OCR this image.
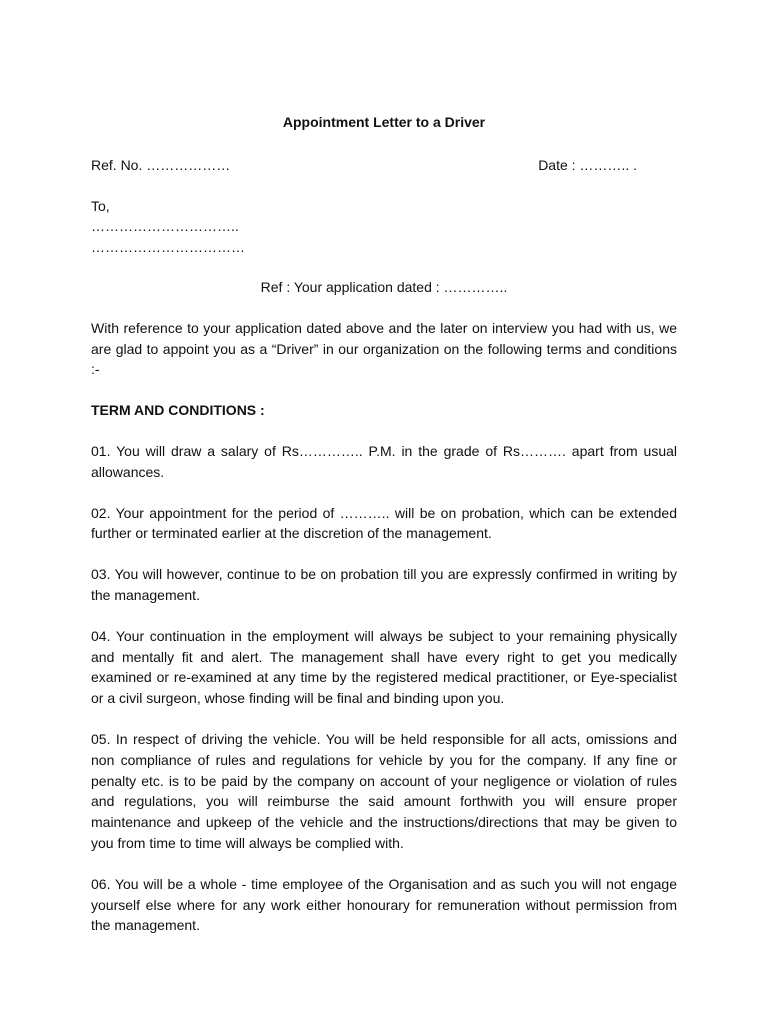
Appointment Letter to a Driver
Ref. No. ………………	Date : ……….. .

To,

…………………………..

……………………………

Ref : Your application dated : …………..

With reference to your application dated above and the later on interview you had with us, we are glad to appoint you as a “Driver” in our organization on the following terms and conditions :-

TERM AND CONDITIONS :

01. You will draw a salary of Rs………….. P.M. in the grade of Rs………. apart from usual allowances.

02. Your appointment for the period of ……….. will be on probation, which can be extended further or terminated earlier at the discretion of the management.

03. You will however, continue to be on probation till you are expressly confirmed in writing by the management.

04. Your continuation in the employment will always be subject to your remaining physically and mentally fit and alert. The management shall have every right to get you medically examined or re-examined at any time by the registered medical practitioner, or Eye-specialist or a civil surgeon, whose finding will be final and binding upon you.

05. In respect of driving the vehicle. You will be held responsible for all acts, omissions and non compliance of rules and regulations for vehicle by you for the company. If any fine or penalty etc. is to be paid by the company on account of your negligence or violation of rules and regulations, you will reimburse the said amount forthwith you will ensure proper maintenance and upkeep of the vehicle and the instructions/directions that may be given to you from time to time will always be complied with.

06. You will be a whole - time employee of the Organisation and as such you will not engage yourself else where for any work either honourary for remuneration without permission from the management.
